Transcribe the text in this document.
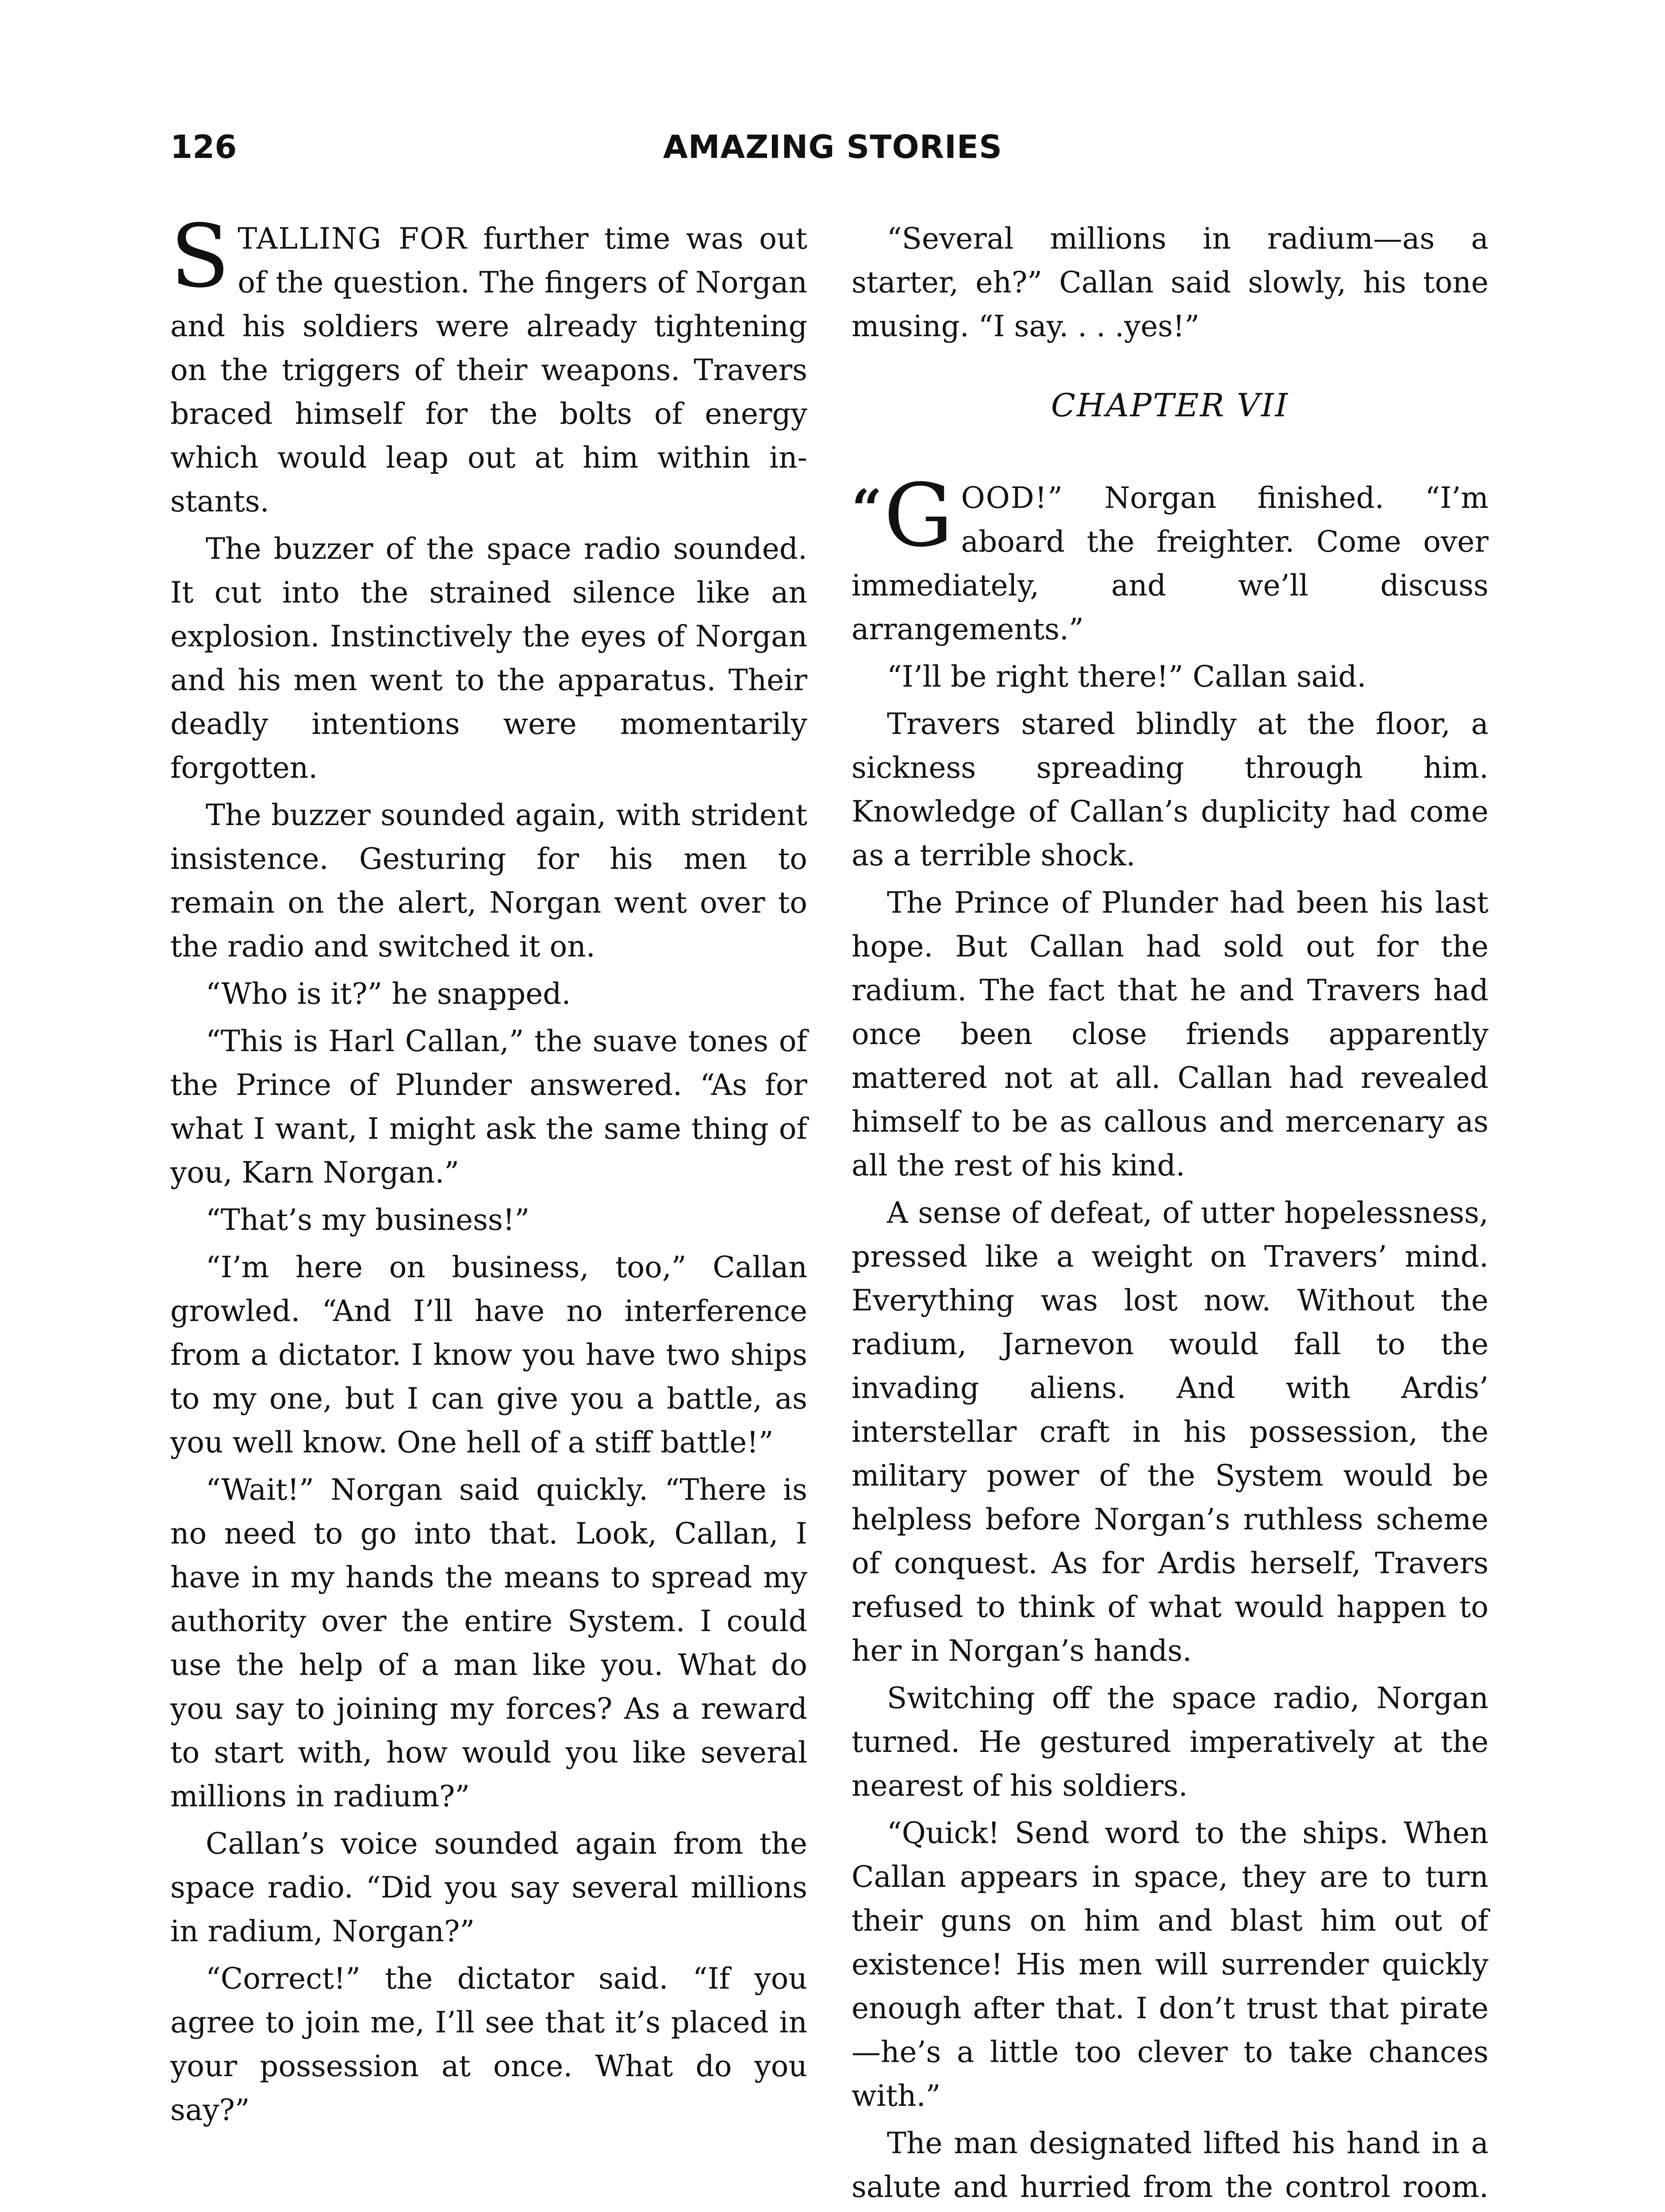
126	AMAZING STORIES

STALLING FOR further time was out of the question. The fingers of Norgan and his soldiers were already tightening on the triggers of their weapons. Travers braced himself for the bolts of energy which would leap out at him within instants.

The buzzer of the space radio sounded. It cut into the strained silence like an explosion. Instinctively the eyes of Norgan and his men went to the apparatus. Their deadly intentions were momentarily forgotten.

The buzzer sounded again, with strident insistence. Gesturing for his men to remain on the alert, Norgan went over to the radio and switched it on.

“Who is it?” he snapped.

“This is Harl Callan,” the suave tones of the Prince of Plunder answered. “As for what I want, I might ask the same thing of you, Karn Norgan.”

“That’s my business!”

“I’m here on business, too,” Callan growled. “And I’ll have no interference from a dictator. I know you have two ships to my one, but I can give you a battle, as you well know. One hell of a stiff battle!”

“Wait!” Norgan said quickly. “There is no need to go into that. Look, Callan, I have in my hands the means to spread my authority over the entire System. I could use the help of a man like you. What do you say to joining my forces? As a reward to start with, how would you like several millions in radium?”

Callan’s voice sounded again from the space radio. “Did you say several millions in radium, Norgan?”

“Correct!” the dictator said. “If you agree to join me, I’ll see that it’s placed in your possession at once. What do you say?”

“Several millions in radium—as a starter, eh?” Callan said slowly, his tone musing. “I say. . . .yes!”

CHAPTER VII

“ G OOD!” Norgan finished. “I’m aboard the freighter. Come over immediately, and we’ll discuss arrangements.”

“I’ll be right there!” Callan said.

Travers stared blindly at the floor, a sickness spreading through him. Knowledge of Callan’s duplicity had come as a terrible shock.

The Prince of Plunder had been his last hope. But Callan had sold out for the radium. The fact that he and Travers had once been close friends apparently mattered not at all. Callan had revealed himself to be as callous and mercenary as all the rest of his kind.

A sense of defeat, of utter hopelessness, pressed like a weight on Travers’ mind. Everything was lost now. Without the radium, Jarnevon would fall to the invading aliens. And with Ardis’ interstellar craft in his possession, the military power of the System would be helpless before Norgan’s ruthless scheme of conquest. As for Ardis herself, Travers refused to think of what would happen to her in Norgan’s hands.

Switching off the space radio, Norgan turned. He gestured imperatively at the nearest of his soldiers.

“Quick! Send word to the ships. When Callan appears in space, they are to turn their guns on him and blast him out of existence! His men will surrender quickly enough after that. I don’t trust that pirate—he’s a little too clever to take chances with.”

The man designated lifted his hand in a salute and hurried from the control room.
